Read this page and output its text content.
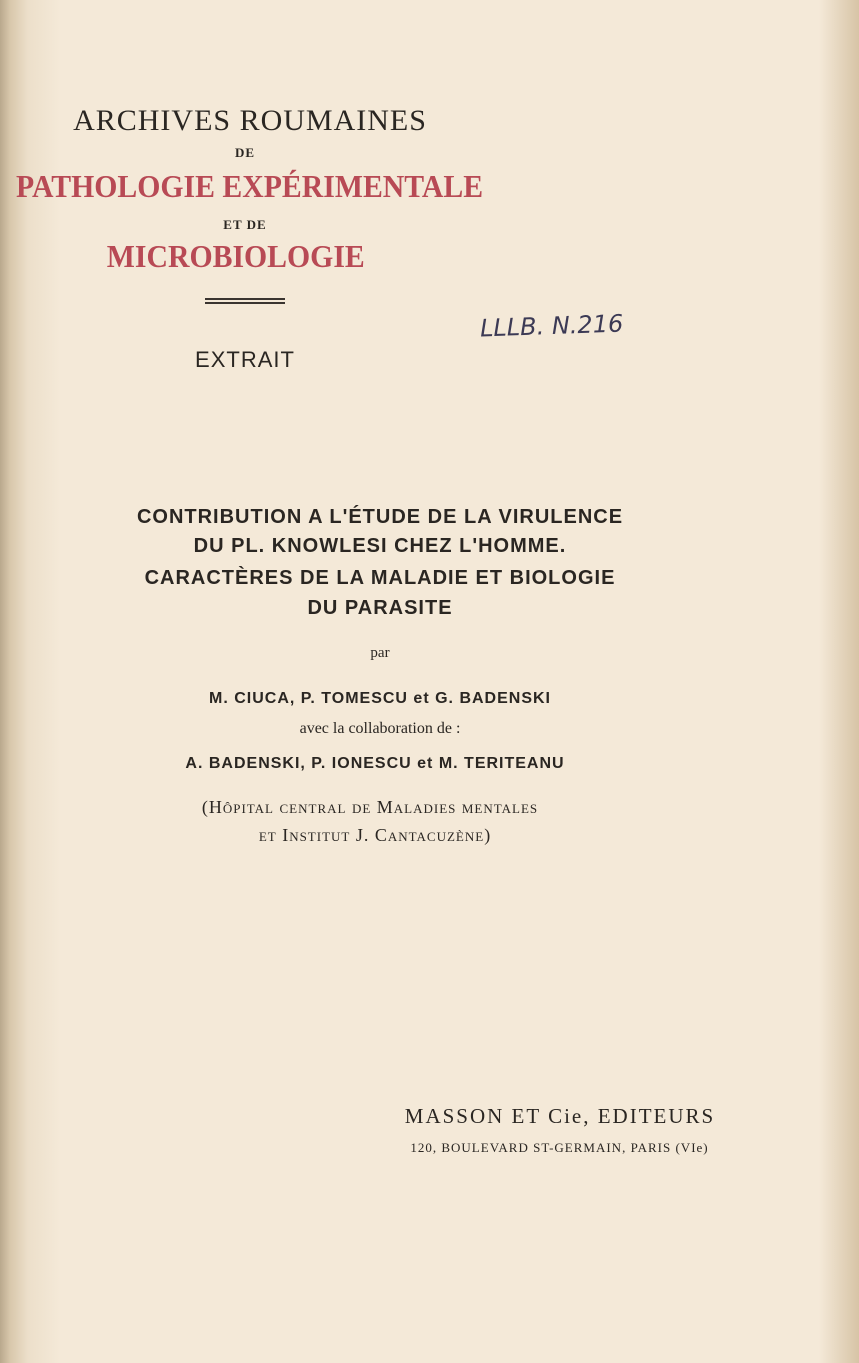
ARCHIVES ROUMAINES
DE
PATHOLOGIE EXPÉRIMENTALE
ET DE
MICROBIOLOGIE
LLLB. N.216
EXTRAIT
CONTRIBUTION A L'ÉTUDE DE LA VIRULENCE
DU PL. KNOWLESI CHEZ L'HOMME.
CARACTÈRES DE LA MALADIE ET BIOLOGIE
DU PARASITE
par
M. CIUCA, P. TOMESCU et G. BADENSKI
avec la collaboration de :
A. BADENSKI, P. IONESCU et M. TERITEANU
(Hôpital central de Maladies mentales
et Institut J. Cantacuzène)
MASSON ET Cie, EDITEURS
120, BOULEVARD ST-GERMAIN, PARIS (VIe)
